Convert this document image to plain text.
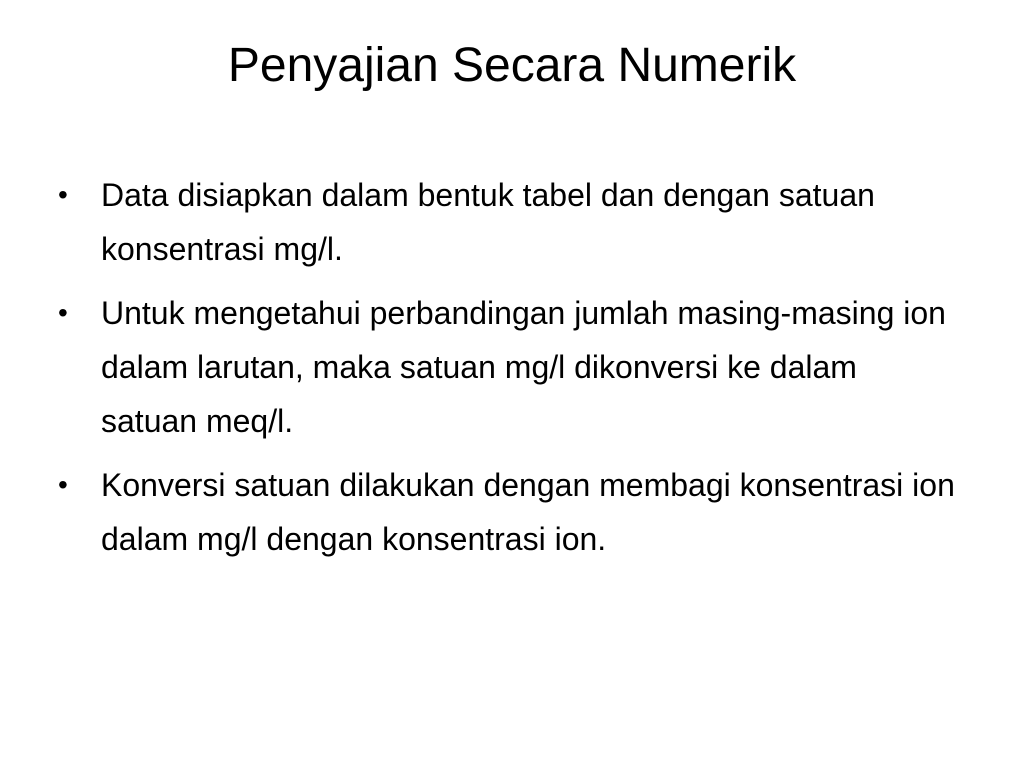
Penyajian Secara Numerik
•	Data disiapkan dalam bentuk tabel dan dengan satuan konsentrasi mg/l.
•	Untuk mengetahui perbandingan jumlah masing-masing ion dalam larutan, maka satuan mg/l dikonversi ke dalam satuan meq/l.
•	Konversi satuan dilakukan dengan membagi konsentrasi ion dalam mg/l dengan konsentrasi ion.
